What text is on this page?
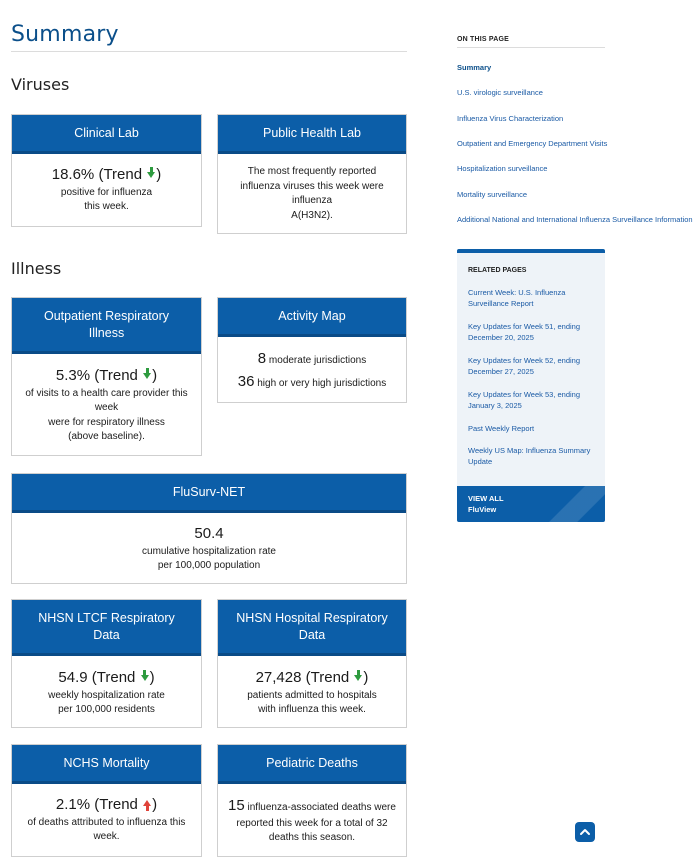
Summary
Viruses
Clinical Lab
18.6% (Trend )
positive for influenza
this week.
Public Health Lab
The most frequently reported
influenza viruses this week were
influenza
A(H3N2).
Illness
Outpatient Respiratory Illness
5.3% (Trend )
of visits to a health care provider this
week
were for respiratory illness
(above baseline).
Activity Map
8 moderate jurisdictions
36 high or very high jurisdictions
FluSurv-NET
50.4
cumulative hospitalization rate
per 100,000 population
NHSN LTCF Respiratory Data
54.9 (Trend )
weekly hospitalization rate
per 100,000 residents
NHSN Hospital Respiratory Data
27,428 (Trend )
patients admitted to hospitals
with influenza this week.
NCHS Mortality
2.1% (Trend )
of deaths attributed to influenza this
week.
Pediatric Deaths
15 influenza-associated deaths were
reported this week for a total of 32
deaths this season.
ON THIS PAGE
Summary
U.S. virologic surveillance
Influenza Virus Characterization
Outpatient and Emergency Department Visits
Hospitalization surveillance
Mortality surveillance
Additional National and International Influenza Surveillance Information
RELATED PAGES
Current Week: U.S. Influenza Surveillance Report
Key Updates for Week 51, ending December 20, 2025
Key Updates for Week 52, ending December 27, 2025
Key Updates for Week 53, ending January 3, 2025
Past Weekly Report
Weekly US Map: Influenza Summary Update
VIEW ALL
FluView
